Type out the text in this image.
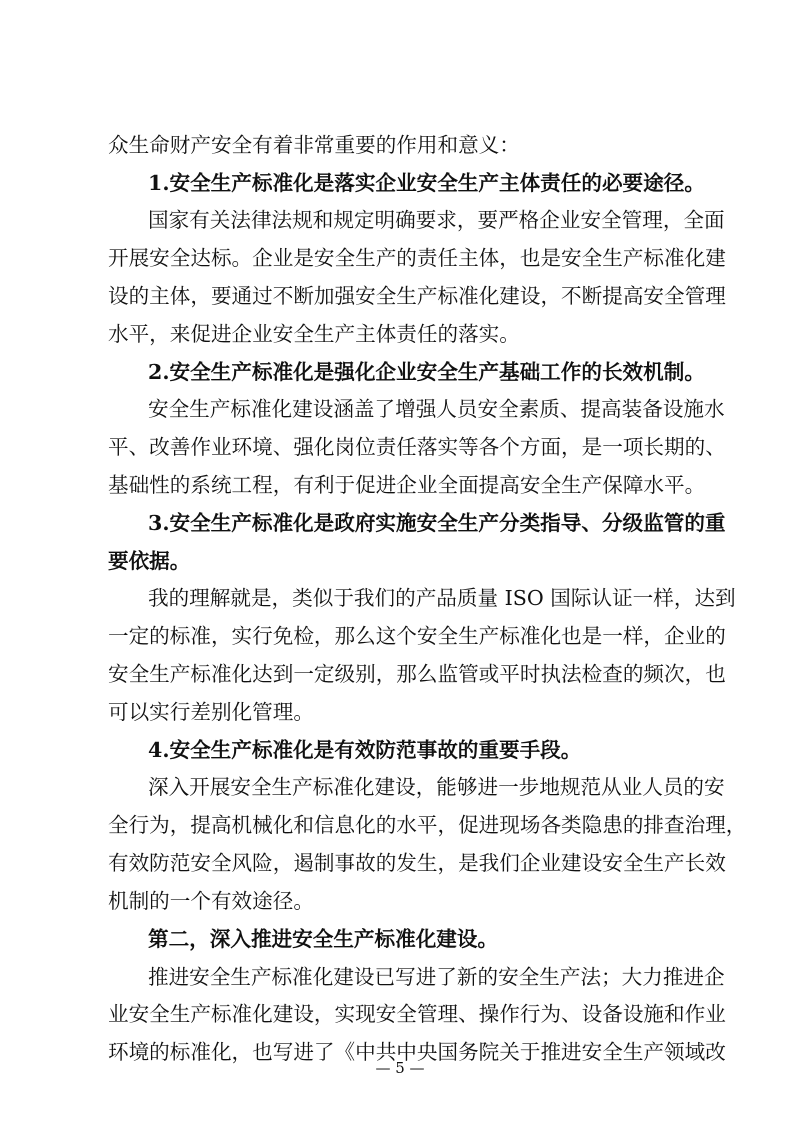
众生命财产安全有着非常重要的作用和意义：
1.安全生产标准化是落实企业安全生产主体责任的必要途径。
国家有关法律法规和规定明确要求，要严格企业安全管理，全面
开展安全达标。企业是安全生产的责任主体，也是安全生产标准化建
设的主体，要通过不断加强安全生产标准化建设，不断提高安全管理
水平，来促进企业安全生产主体责任的落实。
2.安全生产标准化是强化企业安全生产基础工作的长效机制。
安全生产标准化建设涵盖了增强人员安全素质、提高装备设施水
平、改善作业环境、强化岗位责任落实等各个方面，是一项长期的、
基础性的系统工程，有利于促进企业全面提高安全生产保障水平。
3.安全生产标准化是政府实施安全生产分类指导、分级监管的重
要依据。
我的理解就是，类似于我们的产品质量 ISO 国际认证一样，达到
一定的标准，实行免检，那么这个安全生产标准化也是一样，企业的
安全生产标准化达到一定级别，那么监管或平时执法检查的频次，也
可以实行差别化管理。
4.安全生产标准化是有效防范事故的重要手段。
深入开展安全生产标准化建设，能够进一步地规范从业人员的安
全行为，提高机械化和信息化的水平，促进现场各类隐患的排查治理，
有效防范安全风险，遏制事故的发生，是我们企业建设安全生产长效
机制的一个有效途径。
第二，深入推进安全生产标准化建设。
推进安全生产标准化建设已写进了新的安全生产法；大力推进企
业安全生产标准化建设，实现安全管理、操作行为、设备设施和作业
环境的标准化，也写进了《中共中央国务院关于推进安全生产领域改
— 5 —
